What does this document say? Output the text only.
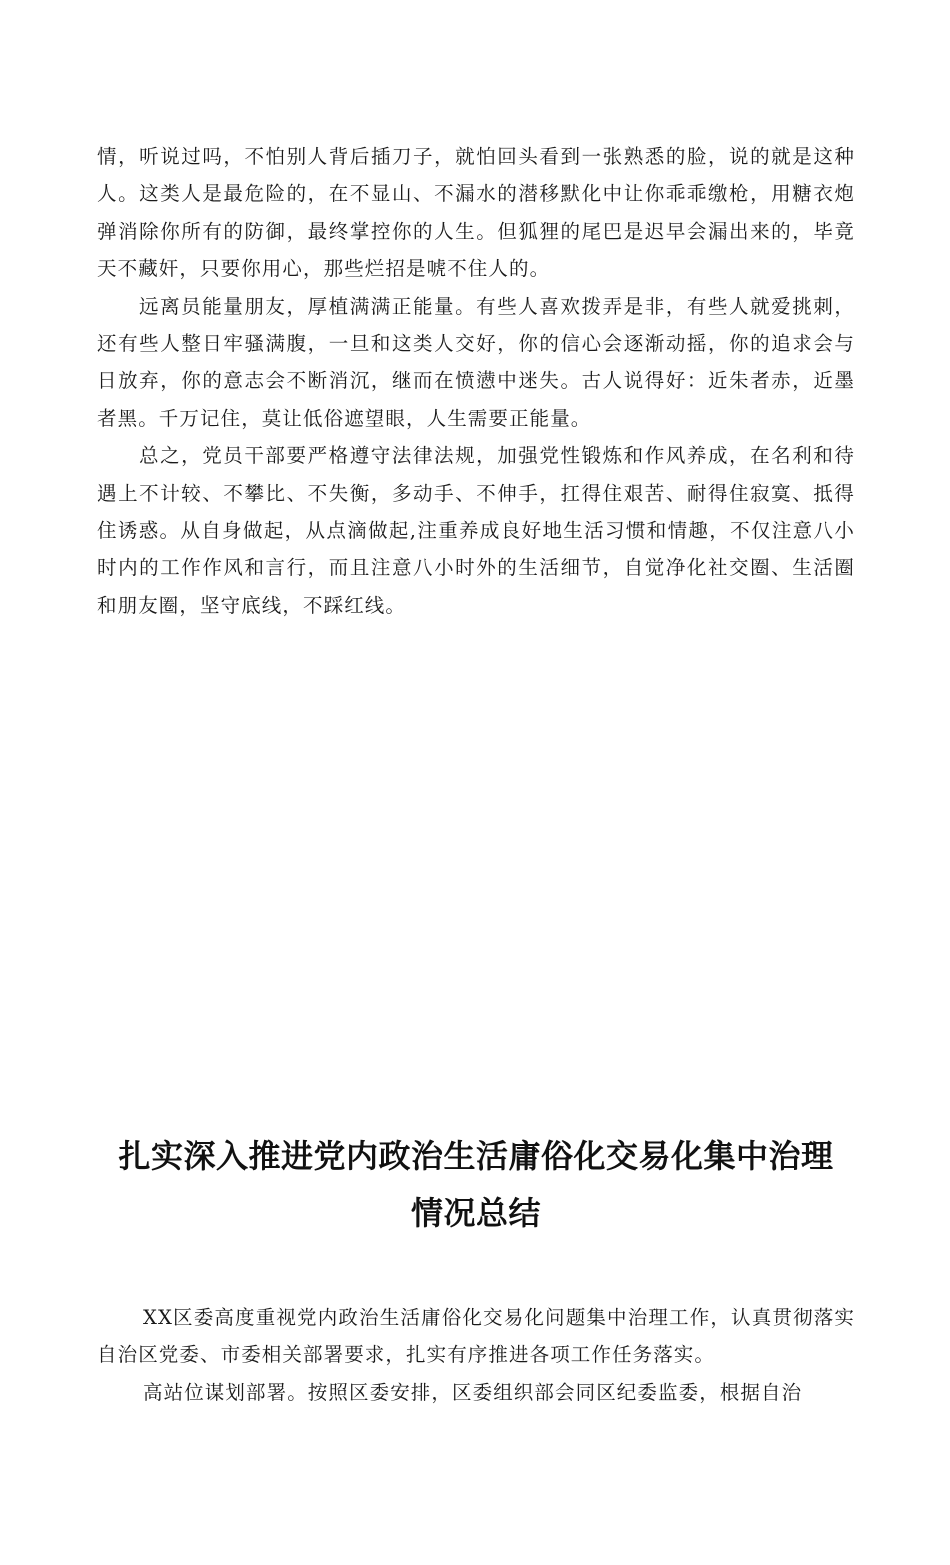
情，听说过吗，不怕别人背后插刀子，就怕回头看到一张熟悉的脸，说的就是这种人。这类人是最危险的，在不显山、不漏水的潜移默化中让你乖乖缴枪，用糖衣炮弹消除你所有的防御，最终掌控你的人生。但狐狸的尾巴是迟早会漏出来的，毕竟天不藏奸，只要你用心，那些烂招是唬不住人的。

远离员能量朋友，厚植满满正能量。有些人喜欢拨弄是非，有些人就爱挑刺，还有些人整日牢骚满腹，一旦和这类人交好，你的信心会逐渐动摇，你的追求会与日放弃，你的意志会不断消沉，继而在愤懑中迷失。古人说得好：近朱者赤，近墨者黑。千万记住，莫让低俗遮望眼，人生需要正能量。

总之，党员干部要严格遵守法律法规，加强党性锻炼和作风养成，在名利和待遇上不计较、不攀比、不失衡，多动手、不伸手，扛得住艰苦、耐得住寂寞、抵得住诱惑。从自身做起，从点滴做起,注重养成良好地生活习惯和情趣，不仅注意八小时内的工作作风和言行，而且注意八小时外的生活细节，自觉净化社交圈、生活圈和朋友圈，坚守底线，不踩红线。

扎实深入推进党内政治生活庸俗化交易化集中治理

情况总结

XX区委高度重视党内政治生活庸俗化交易化问题集中治理工作，认真贯彻落实自治区党委、市委相关部署要求，扎实有序推进各项工作任务落实。

高站位谋划部署。按照区委安排，区委组织部会同区纪委监委，根据自治
